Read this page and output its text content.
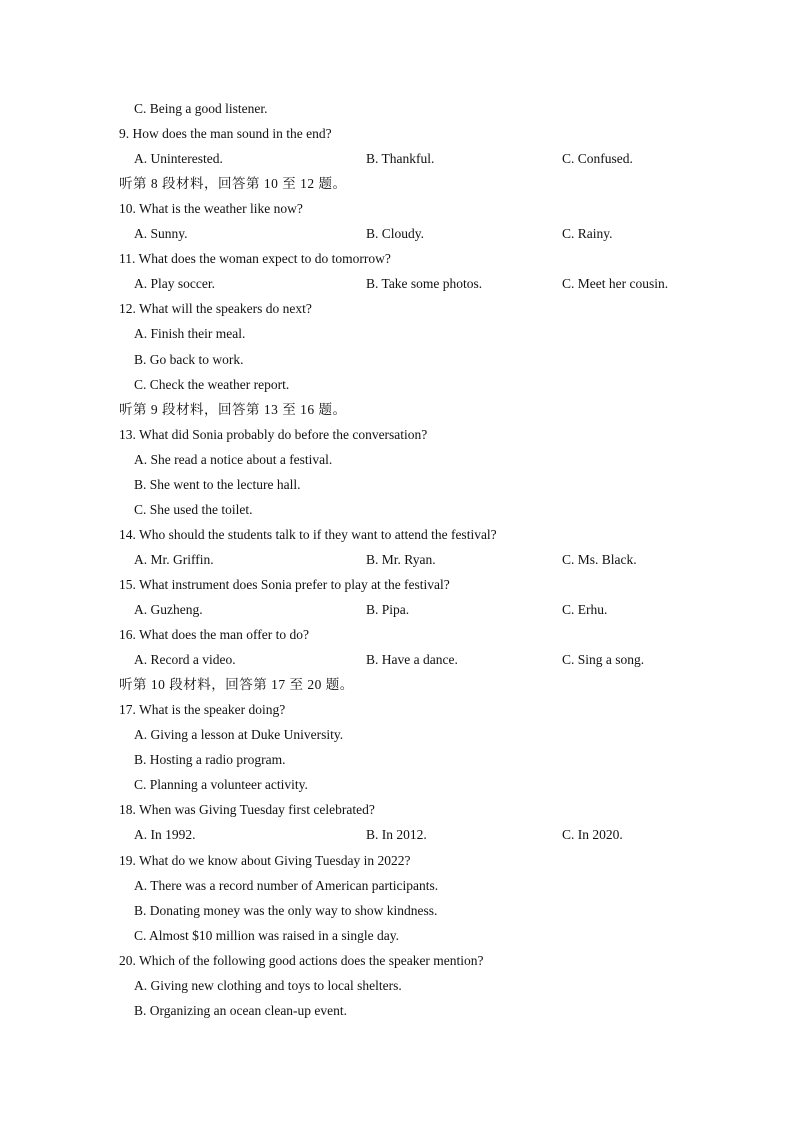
C. Being a good listener.
9. How does the man sound in the end?
A. Uninterested.	B. Thankful.	C. Confused.
听第 8 段材料，回答第 10 至 12 题。
10. What is the weather like now?
A. Sunny.	B. Cloudy.	C. Rainy.
11. What does the woman expect to do tomorrow?
A. Play soccer.	B. Take some photos.	C. Meet her cousin.
12. What will the speakers do next?
A. Finish their meal.
B. Go back to work.
C. Check the weather report.
听第 9 段材料，回答第 13 至 16 题。
13. What did Sonia probably do before the conversation?
A. She read a notice about a festival.
B. She went to the lecture hall.
C. She used the toilet.
14. Who should the students talk to if they want to attend the festival?
A. Mr. Griffin.	B. Mr. Ryan.	C. Ms. Black.
15. What instrument does Sonia prefer to play at the festival?
A. Guzheng.	B. Pipa.	C. Erhu.
16. What does the man offer to do?
A. Record a video.	B. Have a dance.	C. Sing a song.
听第 10 段材料，回答第 17 至 20 题。
17. What is the speaker doing?
A. Giving a lesson at Duke University.
B. Hosting a radio program.
C. Planning a volunteer activity.
18. When was Giving Tuesday first celebrated?
A. In 1992.	B. In 2012.	C. In 2020.
19. What do we know about Giving Tuesday in 2022?
A. There was a record number of American participants.
B. Donating money was the only way to show kindness.
C. Almost $10 million was raised in a single day.
20. Which of the following good actions does the speaker mention?
A. Giving new clothing and toys to local shelters.
B. Organizing an ocean clean-up event.
